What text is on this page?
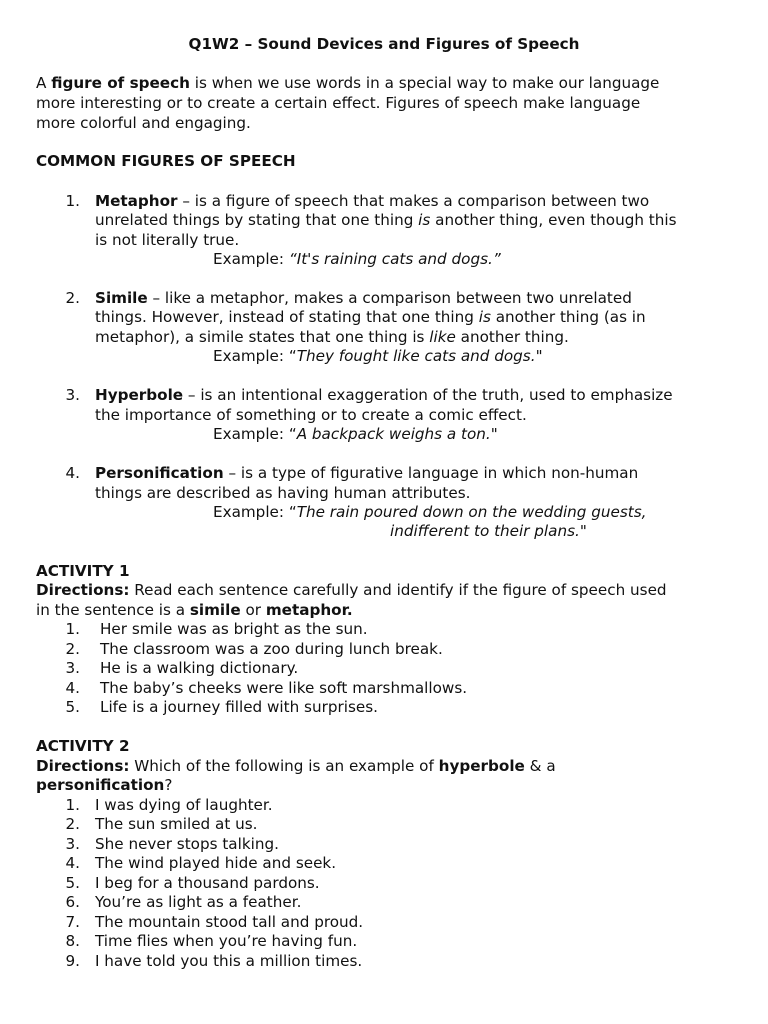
Q1W2 – Sound Devices and Figures of Speech
A figure of speech is when we use words in a special way to make our language
more interesting or to create a certain effect. Figures of speech make language
more colorful and engaging.
COMMON FIGURES OF SPEECH
1. Metaphor – is a figure of speech that makes a comparison between two
unrelated things by stating that one thing is another thing, even though this
is not literally true.
Example: “It's raining cats and dogs.”
2. Simile – like a metaphor, makes a comparison between two unrelated
things. However, instead of stating that one thing is another thing (as in
metaphor), a simile states that one thing is like another thing.
Example: “They fought like cats and dogs."
3. Hyperbole – is an intentional exaggeration of the truth, used to emphasize
the importance of something or to create a comic effect.
Example: “A backpack weighs a ton."
4. Personification – is a type of figurative language in which non-human
things are described as having human attributes.
Example: “The rain poured down on the wedding guests,
indifferent to their plans."
ACTIVITY 1
Directions: Read each sentence carefully and identify if the figure of speech used
in the sentence is a simile or metaphor.
1. Her smile was as bright as the sun.
2. The classroom was a zoo during lunch break.
3. He is a walking dictionary.
4. The baby’s cheeks were like soft marshmallows.
5. Life is a journey filled with surprises.
ACTIVITY 2
Directions: Which of the following is an example of hyperbole & a
personification?
1. I was dying of laughter.
2. The sun smiled at us.
3. She never stops talking.
4. The wind played hide and seek.
5. I beg for a thousand pardons.
6. You’re as light as a feather.
7. The mountain stood tall and proud.
8. Time flies when you’re having fun.
9. I have told you this a million times.
